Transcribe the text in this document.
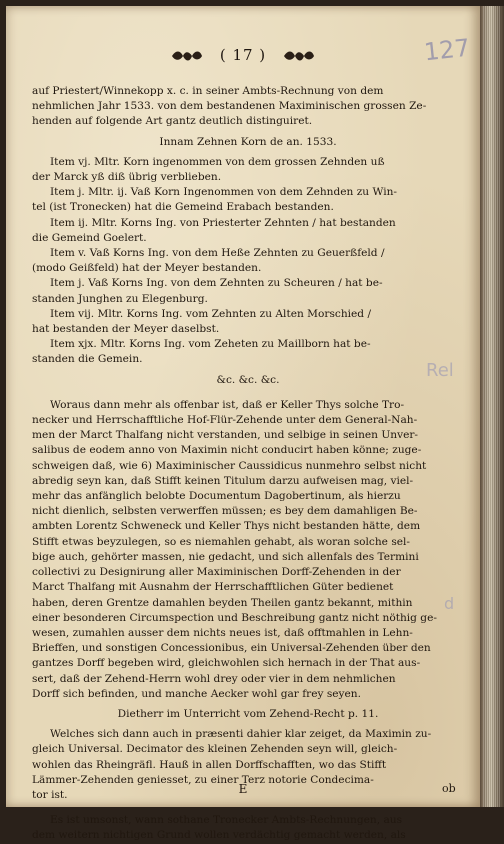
( 17 )	127
Rel
d

auf Priestert/Winnekopp x. c. in seiner Ambts-Rechnung von dem
nehmlichen Jahr 1533. von dem bestandenen Maximinischen grossen Ze-
henden auf folgende Art gantz deutlich distinguiret.

Innam Zehnen Korn de an. 1533.

Item vj. Mltr. Korn ingenommen von dem grossen Zehnden uß
der Marck yß diß übrig verblieben.

Item j. Mltr. ij. Vaß Korn Ingenommen von dem Zehnden zu Win-
tel (ist Tronecken) hat die Gemeind Erabach bestanden.

Item ij. Mltr. Korns Ing. von Priesterter Zehnten / hat bestanden
die Gemeind Goelert.

Item v. Vaß Korns Ing. von dem Heße Zehnten zu Geuerßfeld /
(modo Geißfeld) hat der Meyer bestanden.

Item j. Vaß Korns Ing. von dem Zehnten zu Scheuren / hat be-
standen Junghen zu Elegenburg.

Item vij. Mltr. Korns Ing. vom Zehnten zu Alten Morschied /
hat bestanden der Meyer daselbst.

Item xjx. Mltr. Korns Ing. vom Zeheten zu Maillborn hat be-
standen die Gemein.

&c. &c. &c.

Woraus dann mehr als offenbar ist, daß er Keller Thys solche Tro-
necker und Herrschafftliche Hof-Flür-Zehende unter dem General-Nah-
men der Marct Thalfang nicht verstanden, und selbige in seinen Unver-
salibus de eodem anno von Maximin nicht conducirt haben könne; zuge-
schweigen daß, wie 6) Maximinischer Caussidicus nunmehro selbst nicht
abredig seyn kan, daß Stifft keinen Titulum darzu aufweisen mag, viel-
mehr das anfänglich belobte Documentum Dagobertinum, als hierzu
nicht dienlich, selbsten verwerffen müssen; es bey dem damahligen Be-
ambten Lorentz Schweneck und Keller Thys nicht bestanden hätte, dem
Stifft etwas beyzulegen, so es niemahlen gehabt, als woran solche sel-
bige auch, gehörter massen, nie gedacht, und sich allenfals des Termini
collectivi zu Designirung aller Maximinischen Dorff-Zehenden in der
Marct Thalfang mit Ausnahm der Herrschafftlichen Güter bedienet
haben, deren Grentze damahlen beyden Theilen gantz bekannt, mithin
einer besonderen Circumspection und Beschreibung gantz nicht nöthig ge-
wesen, zumahlen ausser dem nichts neues ist, daß offtmahlen in Lehn-
Brieffen, und sonstigen Concessionibus, ein Universal-Zehenden über den
gantzes Dorff begeben wird, gleichwohlen sich hernach in der That aus-
sert, daß der Zehend-Herrn wohl drey oder vier in dem nehmlichen
Dorff sich befinden, und manche Aecker wohl gar frey seyen.

Dietherr im Unterricht vom Zehend-Recht p. 11.

Welches sich dann auch in præsenti dahier klar zeiget, da Maximin zu-
gleich Universal. Decimator des kleinen Zehenden seyn will, gleich-
wohlen das Rheingräfl. Hauß in allen Dorffschafften, wo das Stifft
Lämmer-Zehenden geniesset, zu einer Terz notorie Condecima-
tor ist.

Es ist umsonst, wann sothane Tronecker Ambts-Rechnungen, aus
dem weitern nichtigen Grund wollen verdächtig gemacht werden, als

E	ob
